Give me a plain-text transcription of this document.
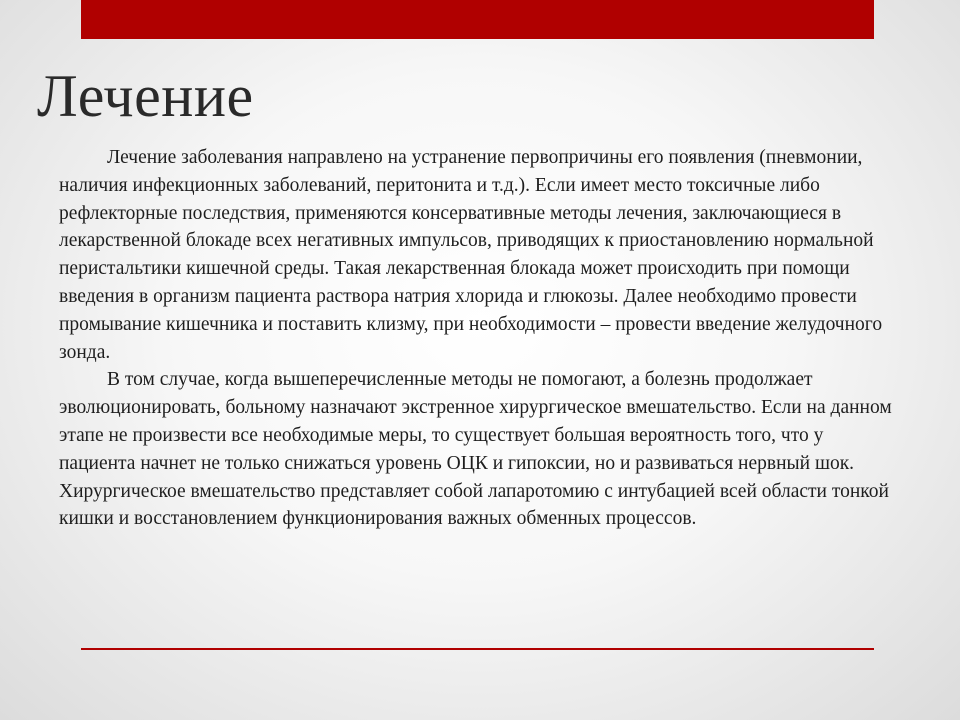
Лечение

Лечение заболевания направлено на устранение первопричины его появления (пневмонии, наличия инфекционных заболеваний, перитонита и т.д.). Если имеет место токсичные либо рефлекторные последствия, применяются консервативные методы лечения, заключающиеся в лекарственной блокаде всех негативных импульсов, приводящих к приостановлению нормальной перистальтики кишечной среды. Такая лекарственная блокада может происходить при помощи введения в организм пациента раствора натрия хлорида и глюкозы. Далее необходимо провести промывание кишечника и поставить клизму, при необходимости – провести введение желудочного зонда.

В том случае, когда вышеперечисленные методы не помогают, а болезнь продолжает эволюционировать, больному назначают экстренное хирургическое вмешательство. Если на данном этапе не произвести все необходимые меры, то существует большая вероятность того, что у пациента начнет не только снижаться уровень ОЦК и гипоксии, но и развиваться нервный шок. Хирургическое вмешательство представляет собой лапаротомию с интубацией всей области тонкой кишки и восстановлением функционирования важных обменных процессов.
